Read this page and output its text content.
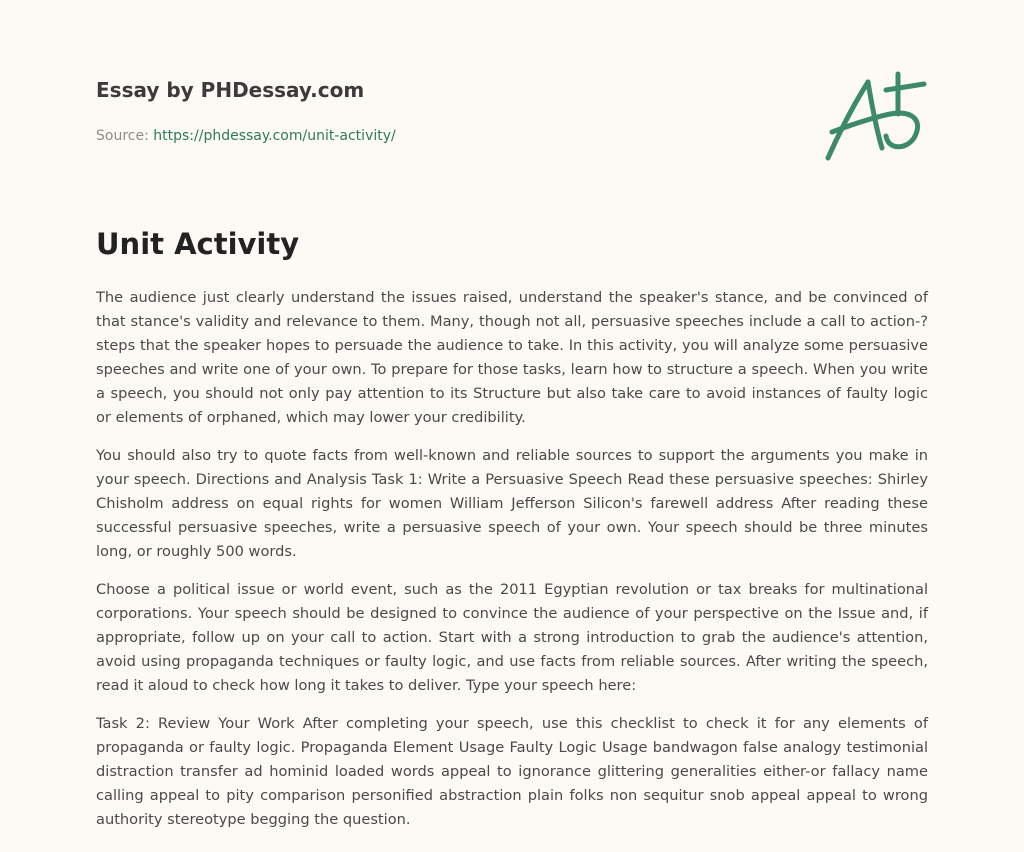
Essay by PHDessay.com
Source: https://phdessay.com/unit-activity/
Unit Activity

The audience just clearly understand the issues raised, understand the speaker's stance, and be convinced of that stance's validity and relevance to them. Many, though not all, persuasive speeches include a call to action-? steps that the speaker hopes to persuade the audience to take. In this activity, you will analyze some persuasive speeches and write one of your own. To prepare for those tasks, learn how to structure a speech. When you write a speech, you should not only pay attention to its Structure but also take care to avoid instances of faulty logic or elements of orphaned, which may lower your credibility.

You should also try to quote facts from well-known and reliable sources to support the arguments you make in your speech. Directions and Analysis Task 1: Write a Persuasive Speech Read these persuasive speeches: Shirley Chisholm address on equal rights for women William Jefferson Silicon's farewell address After reading these successful persuasive speeches, write a persuasive speech of your own. Your speech should be three minutes long, or roughly 500 words.

Choose a political issue or world event, such as the 2011 Egyptian revolution or tax breaks for multinational corporations. Your speech should be designed to convince the audience of your perspective on the Issue and, if appropriate, follow up on your call to action. Start with a strong introduction to grab the audience's attention, avoid using propaganda techniques or faulty logic, and use facts from reliable sources. After writing the speech, read it aloud to check how long it takes to deliver. Type your speech here:

Task 2: Review Your Work After completing your speech, use this checklist to check it for any elements of propaganda or faulty logic. Propaganda Element Usage Faulty Logic Usage bandwagon false analogy testimonial distraction transfer ad hominid loaded words appeal to ignorance glittering generalities either-or fallacy name calling appeal to pity comparison personified abstraction plain folks non sequitur snob appeal appeal to wrong authority stereotype begging the question.
